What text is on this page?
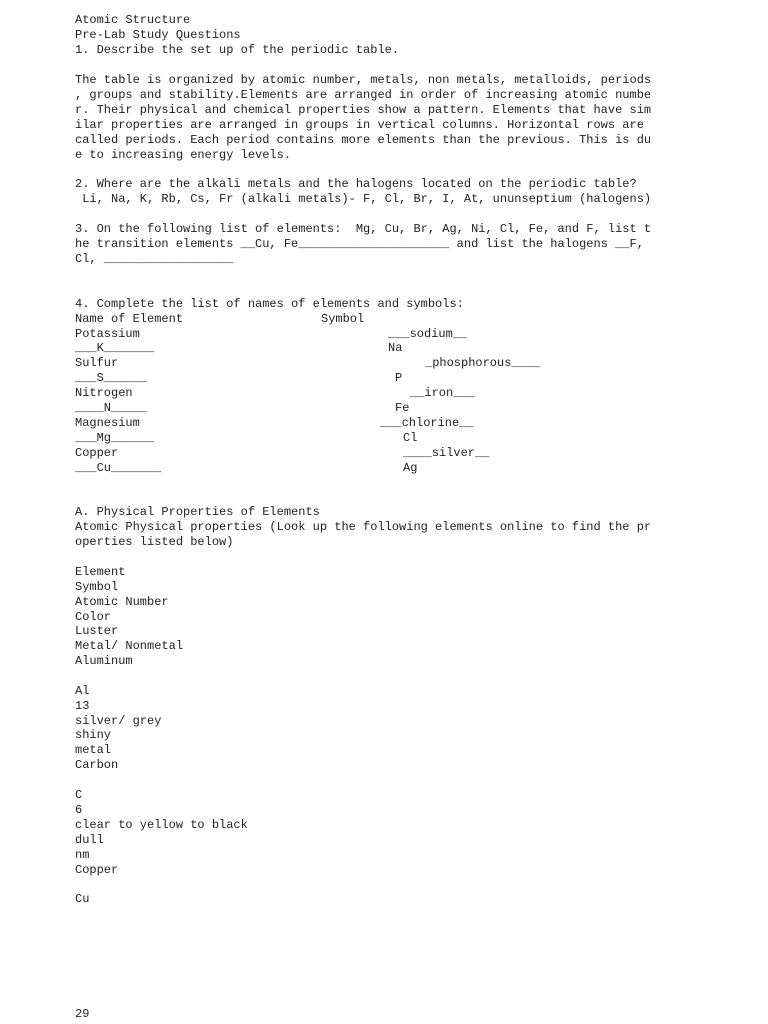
Atomic Structure
Pre-Lab Study Questions
1. Describe the set up of the periodic table.
The table is organized by atomic number, metals, non metals, metalloids, periods
, groups and stability.Elements are arranged in order of increasing atomic numbe
r. Their physical and chemical properties show a pattern. Elements that have sim
ilar properties are arranged in groups in vertical columns. Horizontal rows are
called periods. Each period contains more elements than the previous. This is du
e to increasing energy levels.
2. Where are the alkali metals and the halogens located on the periodic table?
Li, Na, K, Rb, Cs, Fr (alkali metals)- F, Cl, Br, I, At, ununseptium (halogens)
3. On the following list of elements:  Mg, Cu, Br, Ag, Ni, Cl, Fe, and F, list t
he transition elements __Cu, Fe_____________________ and list the halogens __F,
Cl, __________________
4. Complete the list of names of elements and symbols:
Name of Element	Symbol
Potassium
___K_______
Sulfur
___S______
Nitrogen
____N_____
Magnesium
___Mg______
Copper
___Cu_______
___sodium__
Na
_phosphorous____
P
__iron___
Fe
___chlorine__
Cl
____silver__
Ag
A. Physical Properties of Elements
Atomic Physical properties (Look up the following elements online to find the pr
operties listed below)
Element
Symbol
Atomic Number
Color
Luster
Metal/ Nonmetal
Aluminum
Al
13
silver/ grey
shiny
metal
Carbon
C
6
clear to yellow to black
dull
nm
Copper
Cu
29
